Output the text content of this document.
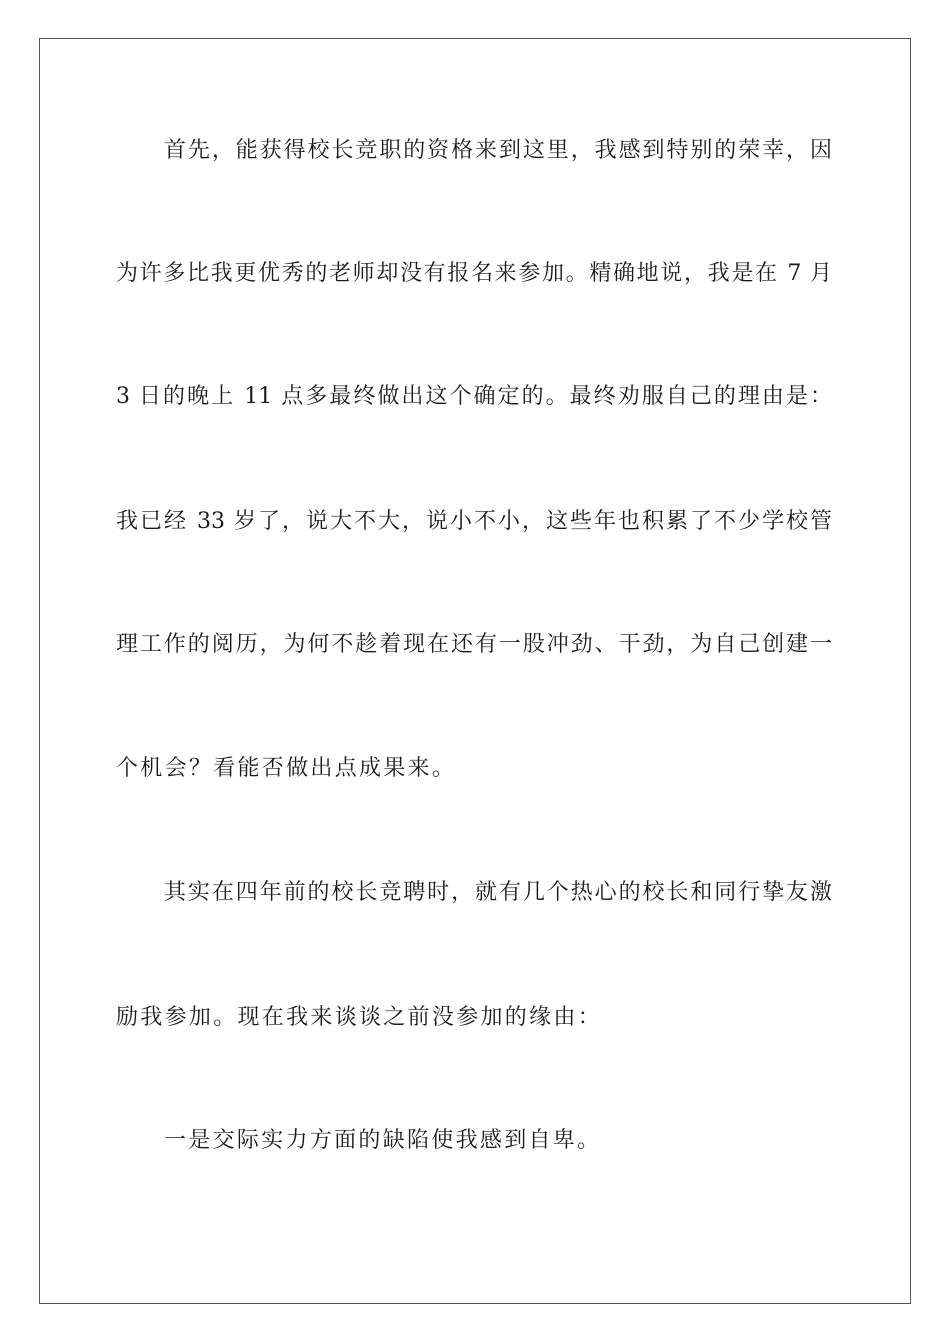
首先，能获得校长竞职的资格来到这里，我感到特别的荣幸，因
为许多比我更优秀的老师却没有报名来参加。精确地说，我是在 7 月
3 日的晚上 11 点多最终做出这个确定的。最终劝服自己的理由是：
我已经 33 岁了，说大不大，说小不小，这些年也积累了不少学校管
理工作的阅历，为何不趁着现在还有一股冲劲、干劲，为自己创建一
个机会？看能否做出点成果来。
其实在四年前的校长竞聘时，就有几个热心的校长和同行挚友激
励我参加。现在我来谈谈之前没参加的缘由：
一是交际实力方面的缺陷使我感到自卑。
